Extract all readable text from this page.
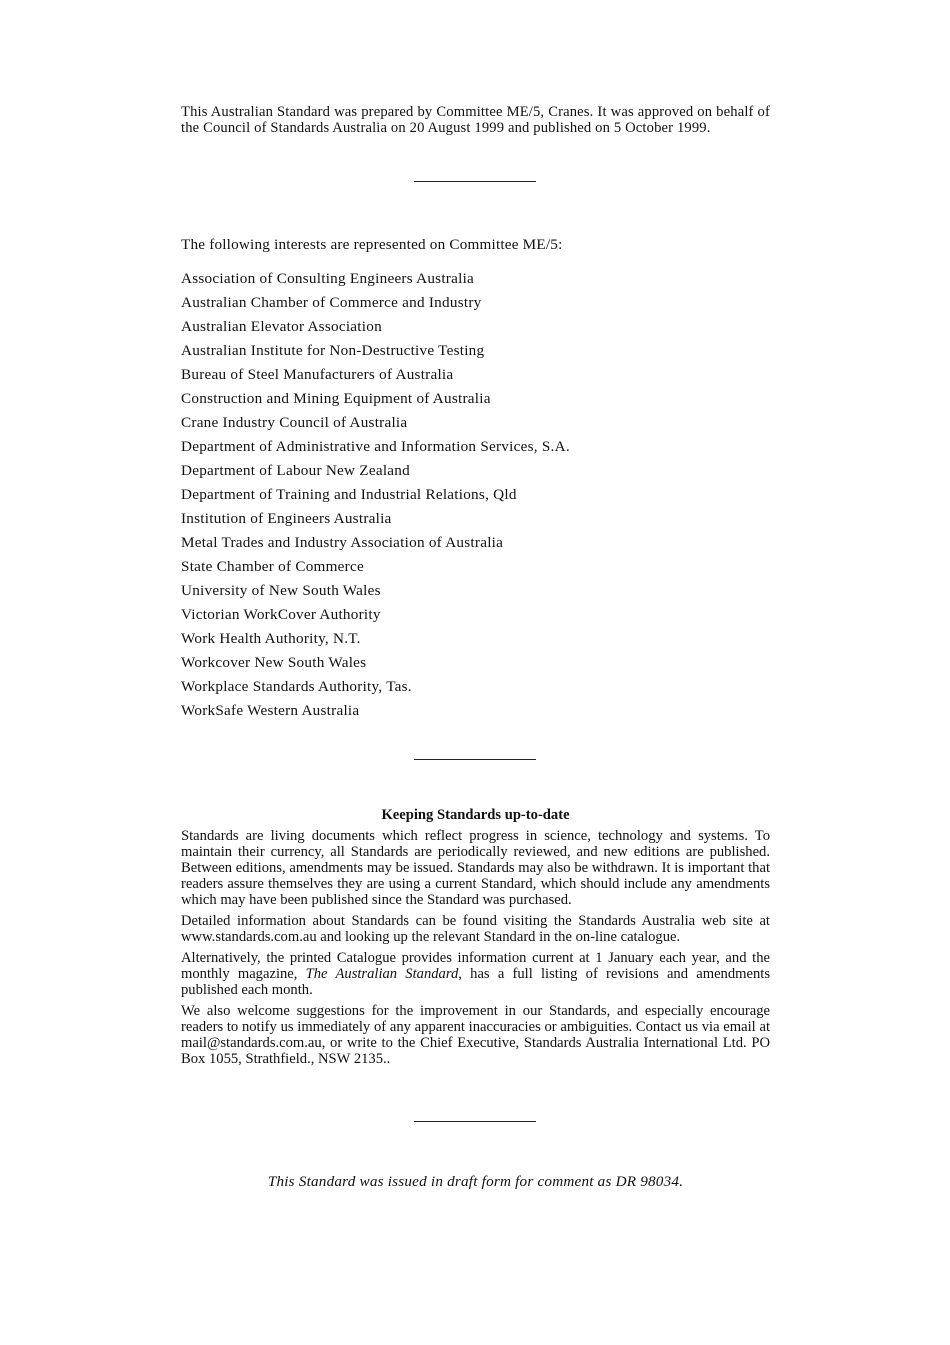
This Australian Standard was prepared by Committee ME/5, Cranes. It was approved on behalf of the Council of Standards Australia on 20 August 1999 and published on 5 October 1999.
The following interests are represented on Committee ME/5:
Association of Consulting Engineers Australia
Australian Chamber of Commerce and Industry
Australian Elevator Association
Australian Institute for Non-Destructive Testing
Bureau of Steel Manufacturers of Australia
Construction and Mining Equipment of Australia
Crane Industry Council of Australia
Department of Administrative and Information Services, S.A.
Department of Labour New Zealand
Department of Training and Industrial Relations, Qld
Institution of Engineers Australia
Metal Trades and Industry Association of Australia
State Chamber of Commerce
University of New South Wales
Victorian WorkCover Authority
Work Health Authority, N.T.
Workcover New South Wales
Workplace Standards Authority, Tas.
WorkSafe Western Australia
Keeping Standards up-to-date

Standards are living documents which reflect progress in science, technology and systems. To maintain their currency, all Standards are periodically reviewed, and new editions are published. Between editions, amendments may be issued. Standards may also be withdrawn. It is important that readers assure themselves they are using a current Standard, which should include any amendments which may have been published since the Standard was purchased.

Detailed information about Standards can be found visiting the Standards Australia web site at www.standards.com.au and looking up the relevant Standard in the on-line catalogue.

Alternatively, the printed Catalogue provides information current at 1 January each year, and the monthly magazine, The Australian Standard, has a full listing of revisions and amendments published each month.

We also welcome suggestions for the improvement in our Standards, and especially encourage readers to notify us immediately of any apparent inaccuracies or ambiguities. Contact us via email at mail@standards.com.au, or write to the Chief Executive, Standards Australia International Ltd. PO Box 1055, Strathfield., NSW 2135..

This Standard was issued in draft form for comment as DR 98034.
